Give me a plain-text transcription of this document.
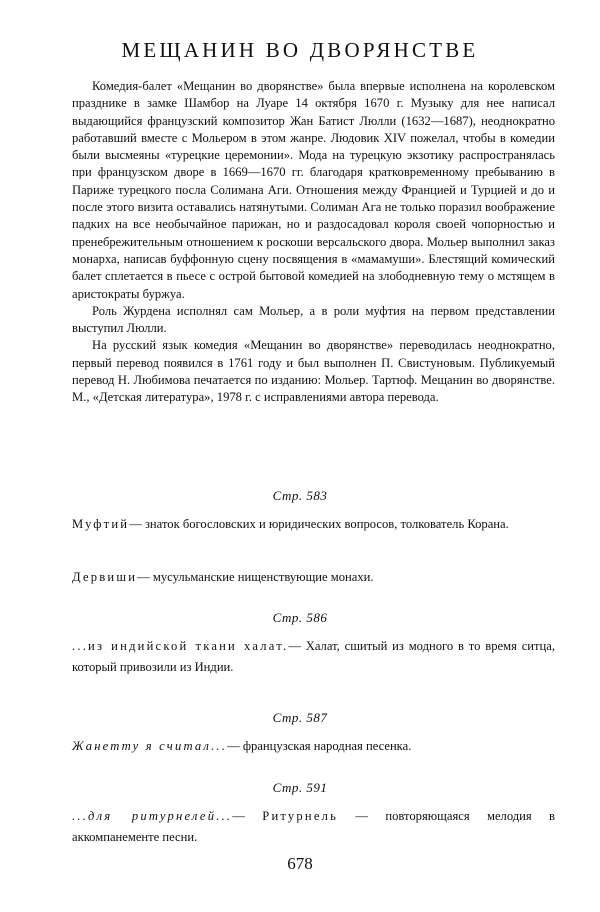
МЕЩАНИН ВО ДВОРЯНСТВЕ

Комедия-балет «Мещанин во дворянстве» была впервые исполнена на королевском празднике в замке Шамбор на Луаре 14 октября 1670 г. Музыку для нее написал выдающийся французский композитор Жан Батист Люлли (1632—1687), неоднократно работавший вместе с Мольером в этом жанре. Людовик XIV пожелал, чтобы в комедии были высмеяны «турецкие церемонии». Мода на турецкую экзотику распространялась при французском дворе в 1669—1670 гг. благодаря кратковременному пребыванию в Париже турецкого посла Солимана Аги. Отношения между Францией и Турцией и до и после этого визита оставались натянутыми. Солиман Ага не только поразил воображение падких на все необычайное парижан, но и раздосадовал короля своей чопорностью и пренебрежительным отношением к роскоши версальского двора. Мольер выполнил заказ монарха, написав буффонную сцену посвящения в «мамамуши». Блестящий комический балет сплетается в пьесе с острой бытовой комедией на злободневную тему о мстящем в аристократы буржуа.

Роль Журдена исполнял сам Мольер, а в роли муфтия на первом представлении выступил Люлли.

На русский язык комедия «Мещанин во дворянстве» переводилась неоднократно, первый перевод появился в 1761 году и был выполнен П. Свистуновым. Публикуемый перевод Н. Любимова печатается по изданию: Мольер. Тартюф. Мещанин во дворянстве. М., «Детская литература», 1978 г. с исправлениями автора перевода.

Стр. 583

Муфтий— знаток богословских и юридических вопросов, толкователь Корана.

Дервиши— мусульманские нищенствующие монахи.

Стр. 586

...из индийской ткани халат.— Халат, сшитый из модного в то время ситца, который привозили из Индии.

Стр. 587

Жанетту я считал...— французская народная песенка.

Стр. 591

...для ритурнелей...— Ритурнель — повторяющаяся мелодия в аккомпанементе песни.

678
